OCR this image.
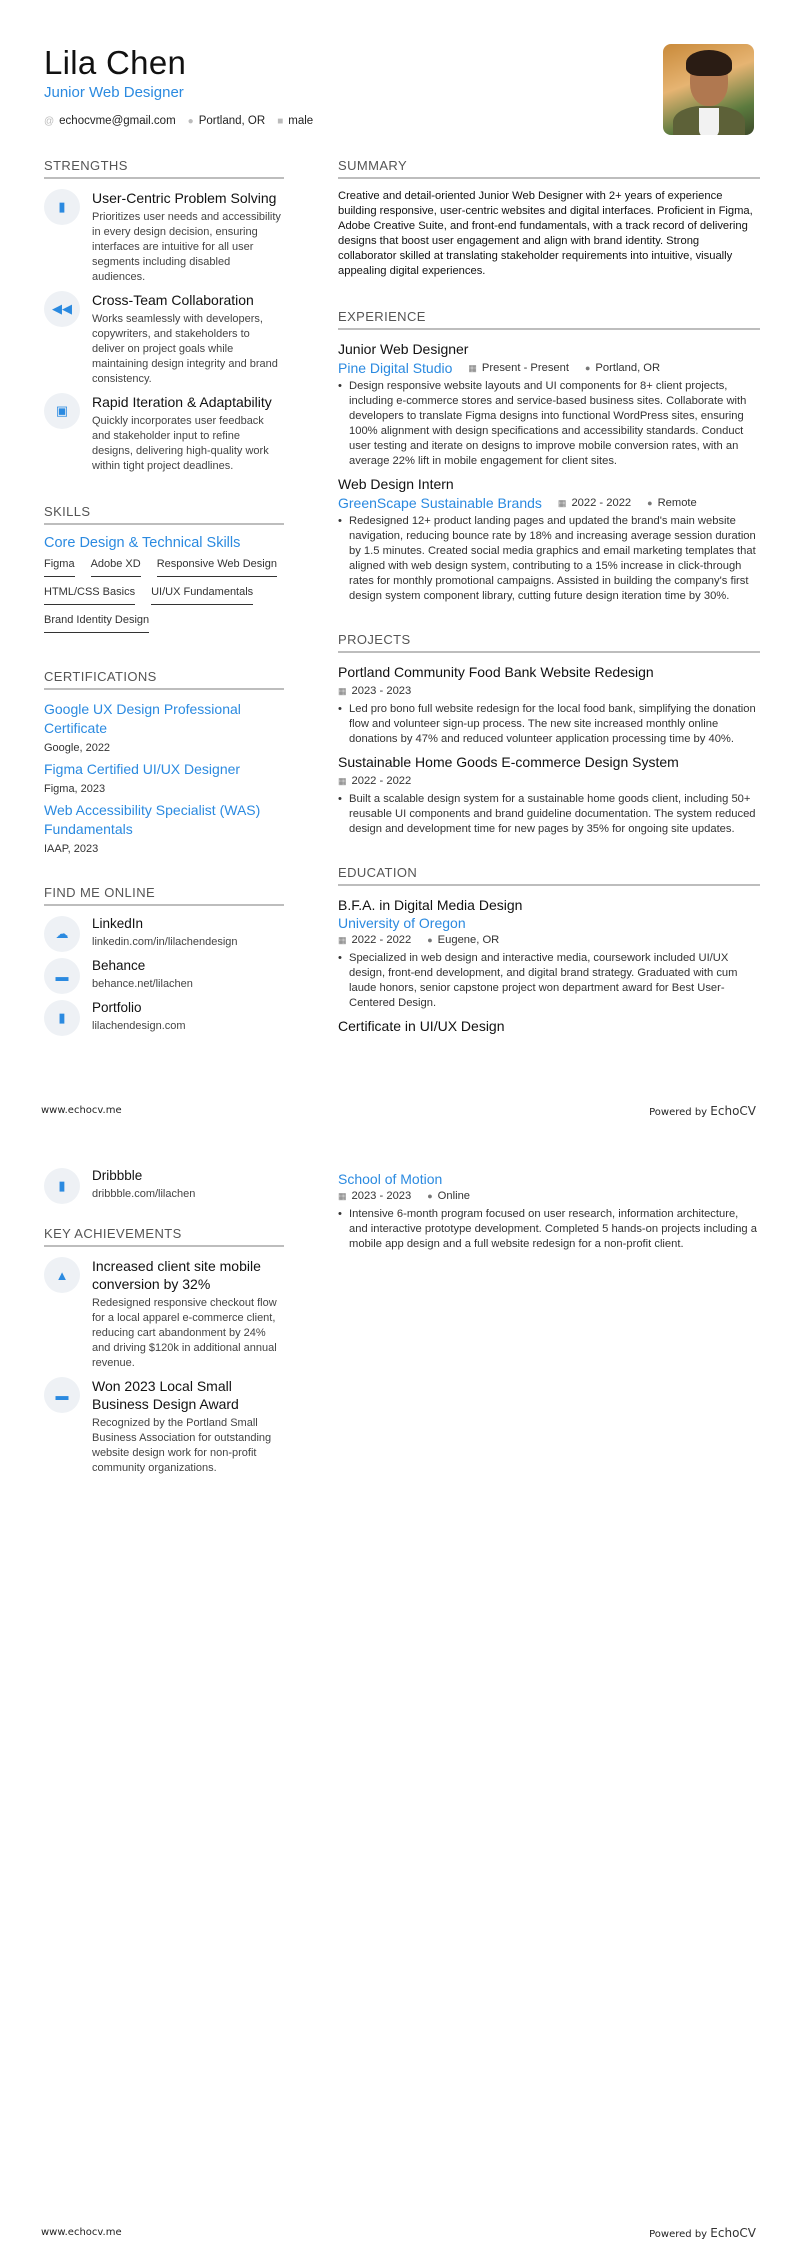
Lila Chen
Junior Web Designer
@ echocvme@gmail.com ● Portland, OR ■ male
STRENGTHS
▮
User-Centric Problem Solving
Prioritizes user needs and accessibility in every design decision, ensuring interfaces are intuitive for all user segments including disabled audiences.
◀◀
Cross-Team Collaboration
Works seamlessly with developers, copywriters, and stakeholders to deliver on project goals while maintaining design integrity and brand consistency.
▣
Rapid Iteration & Adaptability
Quickly incorporates user feedback and stakeholder input to refine designs, delivering high-quality work within tight project deadlines.
SKILLS
Core Design & Technical Skills
Figma Adobe XD Responsive Web Design
HTML/CSS Basics UI/UX Fundamentals
Brand Identity Design
CERTIFICATIONS
Google UX Design Professional Certificate
Google, 2022
Figma Certified UI/UX Designer
Figma, 2023
Web Accessibility Specialist (WAS) Fundamentals
IAAP, 2023
FIND ME ONLINE
☁
LinkedIn
linkedin.com/in/lilachendesign
▬
Behance
behance.net/lilachen
▮
Portfolio
lilachendesign.com
SUMMARY
Creative and detail-oriented Junior Web Designer with 2+ years of experience building responsive, user-centric websites and digital interfaces. Proficient in Figma, Adobe Creative Suite, and front-end fundamentals, with a track record of delivering designs that boost user engagement and align with brand identity. Strong collaborator skilled at translating stakeholder requirements into intuitive, visually appealing digital experiences.
EXPERIENCE
Junior Web Designer
Pine Digital Studio ▦ Present - Present ● Portland, OR
• Design responsive website layouts and UI components for 8+ client projects, including e-commerce stores and service-based business sites. Collaborate with developers to translate Figma designs into functional WordPress sites, ensuring 100% alignment with design specifications and accessibility standards. Conduct user testing and iterate on designs to improve mobile conversion rates, with an average 22% lift in mobile engagement for client sites.
Web Design Intern
GreenScape Sustainable Brands ▦ 2022 - 2022 ● Remote
• Redesigned 12+ product landing pages and updated the brand's main website navigation, reducing bounce rate by 18% and increasing average session duration by 1.5 minutes. Created social media graphics and email marketing templates that aligned with web design system, contributing to a 15% increase in click-through rates for monthly promotional campaigns. Assisted in building the company's first design system component library, cutting future design iteration time by 30%.
PROJECTS
Portland Community Food Bank Website Redesign
▦ 2023 - 2023
• Led pro bono full website redesign for the local food bank, simplifying the donation flow and volunteer sign-up process. The new site increased monthly online donations by 47% and reduced volunteer application processing time by 40%.
Sustainable Home Goods E-commerce Design System
▦ 2022 - 2022
• Built a scalable design system for a sustainable home goods client, including 50+ reusable UI components and brand guideline documentation. The system reduced design and development time for new pages by 35% for ongoing site updates.
EDUCATION
B.F.A. in Digital Media Design
University of Oregon
▦ 2022 - 2022 ● Eugene, OR
• Specialized in web design and interactive media, coursework included UI/UX design, front-end development, and digital brand strategy. Graduated with cum laude honors, senior capstone project won department award for Best User-Centered Design.
Certificate in UI/UX Design
www.echocv.me	Powered by EchoCV
▮
Dribbble
dribbble.com/lilachen
KEY ACHIEVEMENTS
▲
Increased client site mobile conversion by 32%
Redesigned responsive checkout flow for a local apparel e-commerce client, reducing cart abandonment by 24% and driving $120k in additional annual revenue.
▬
Won 2023 Local Small Business Design Award
Recognized by the Portland Small Business Association for outstanding website design work for non-profit community organizations.
School of Motion
▦ 2023 - 2023 ● Online
• Intensive 6-month program focused on user research, information architecture, and interactive prototype development. Completed 5 hands-on projects including a mobile app design and a full website redesign for a non-profit client.
www.echocv.me	Powered by EchoCV
